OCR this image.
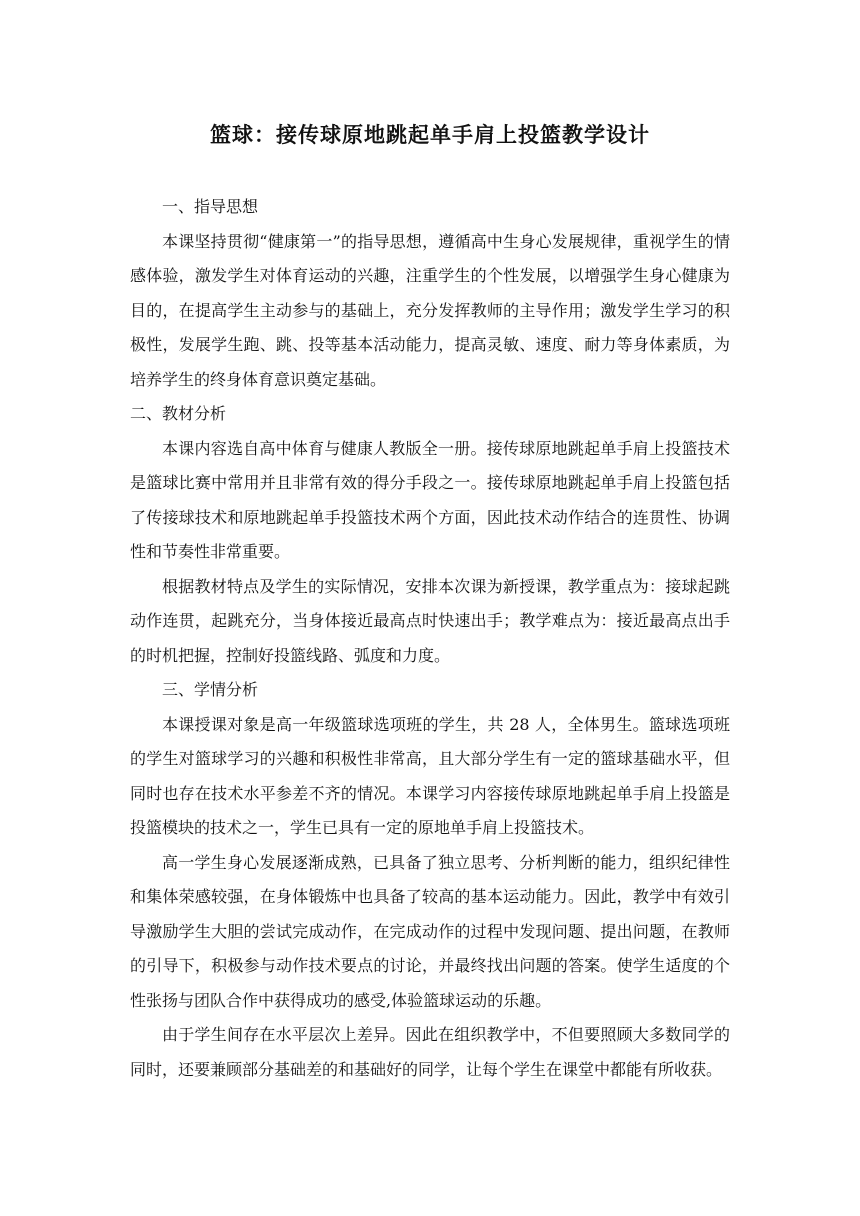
篮球：接传球原地跳起单手肩上投篮教学设计

一、指导思想

本课坚持贯彻“健康第一”的指导思想，遵循高中生身心发展规律，重视学生的情感体验，激发学生对体育运动的兴趣，注重学生的个性发展，以增强学生身心健康为目的，在提高学生主动参与的基础上，充分发挥教师的主导作用；激发学生学习的积极性，发展学生跑、跳、投等基本活动能力，提高灵敏、速度、耐力等身体素质，为培养学生的终身体育意识奠定基础。

二、教材分析

本课内容选自高中体育与健康人教版全一册。接传球原地跳起单手肩上投篮技术是篮球比赛中常用并且非常有效的得分手段之一。接传球原地跳起单手肩上投篮包括了传接球技术和原地跳起单手投篮技术两个方面，因此技术动作结合的连贯性、协调性和节奏性非常重要。

根据教材特点及学生的实际情况，安排本次课为新授课，教学重点为：接球起跳动作连贯，起跳充分，当身体接近最高点时快速出手；教学难点为：接近最高点出手的时机把握，控制好投篮线路、弧度和力度。

三、学情分析

本课授课对象是高一年级篮球选项班的学生，共 28 人，全体男生。篮球选项班的学生对篮球学习的兴趣和积极性非常高，且大部分学生有一定的篮球基础水平，但同时也存在技术水平参差不齐的情况。本课学习内容接传球原地跳起单手肩上投篮是投篮模块的技术之一，学生已具有一定的原地单手肩上投篮技术。

高一学生身心发展逐渐成熟，已具备了独立思考、分析判断的能力，组织纪律性和集体荣感较强，在身体锻炼中也具备了较高的基本运动能力。因此，教学中有效引导激励学生大胆的尝试完成动作，在完成动作的过程中发现问题、提出问题，在教师的引导下，积极参与动作技术要点的讨论，并最终找出问题的答案。使学生适度的个性张扬与团队合作中获得成功的感受,体验篮球运动的乐趣。

由于学生间存在水平层次上差异。因此在组织教学中，不但要照顾大多数同学的同时，还要兼顾部分基础差的和基础好的同学，让每个学生在课堂中都能有所收获。
